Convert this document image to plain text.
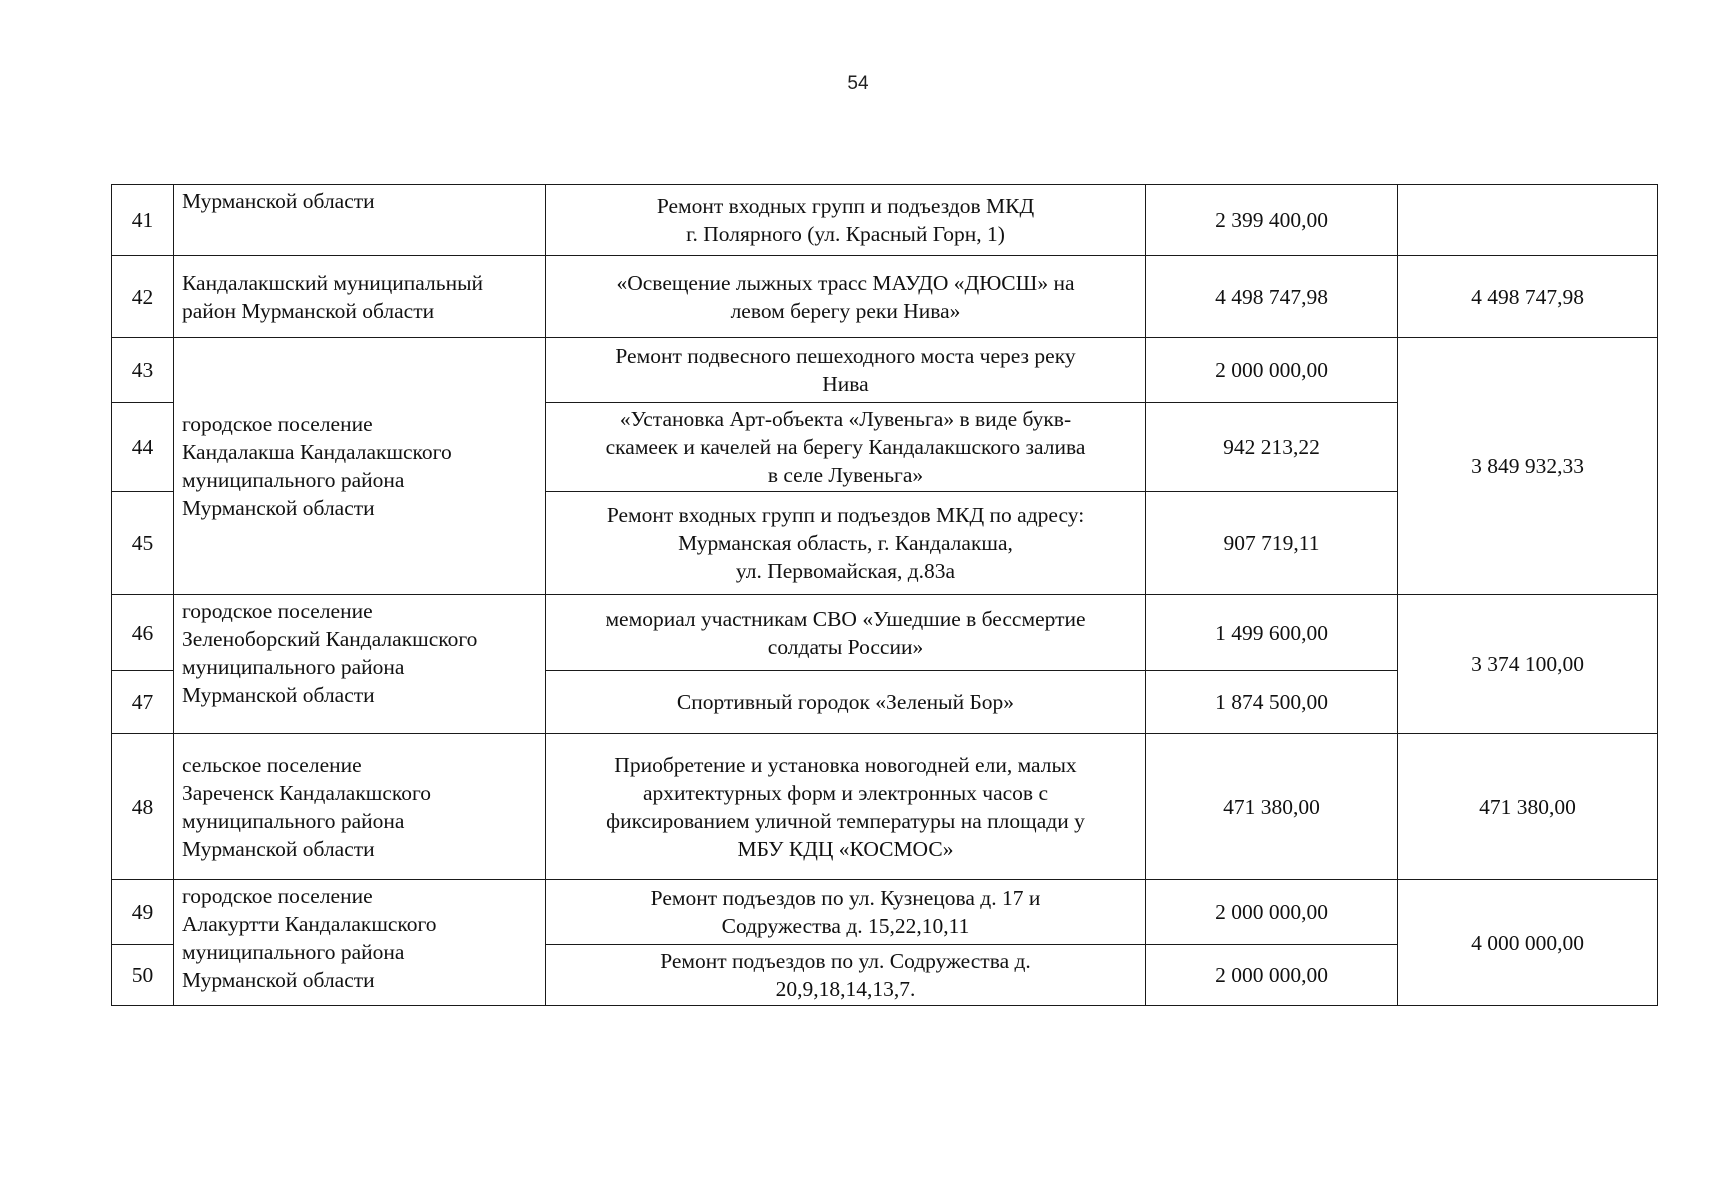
54
41	Мурманской области	Ремонт входных групп и подъездов МКД
г. Полярного (ул. Красный Горн, 1)	2 399 400,00	
42	Кандалакшский муниципальный
район Мурманской области	«Освещение лыжных трасс МАУДО «ДЮСШ» на
левом берегу реки Нива»	4 498 747,98	4 498 747,98
43	городское поселение
Кандалакша Кандалакшского
муниципального района
Мурманской области	Ремонт подвесного пешеходного моста через реку
Нива	2 000 000,00	3 849 932,33
44		«Установка Арт-объекта «Лувеньга» в виде букв-
скамеек и качелей на берегу Кандалакшского залива
в селе Лувеньга»	942 213,22	
45		Ремонт входных групп и подъездов МКД по адресу:
Мурманская область, г. Кандалакша,
ул. Первомайская, д.83а	907 719,11	
46	городское поселение
Зеленоборский Кандалакшского
муниципального района
Мурманской области	мемориал участникам СВО «Ушедшие в бессмертие
солдаты России»	1 499 600,00	3 374 100,00
47		Спортивный городок «Зеленый Бор»	1 874 500,00	
48	сельское поселение
Зареченск Кандалакшского
муниципального района
Мурманской области	Приобретение и установка новогодней ели, малых
архитектурных форм и электронных часов с
фиксированием уличной температуры на площади у
МБУ КДЦ «КОСМОС»	471 380,00	471 380,00
49	городское поселение
Алакуртти Кандалакшского
муниципального района
Мурманской области	Ремонт подъездов по ул. Кузнецова д. 17 и
Содружества д. 15,22,10,11	2 000 000,00	4 000 000,00
50		Ремонт подъездов по ул. Содружества д.
20,9,18,14,13,7.	2 000 000,00	
